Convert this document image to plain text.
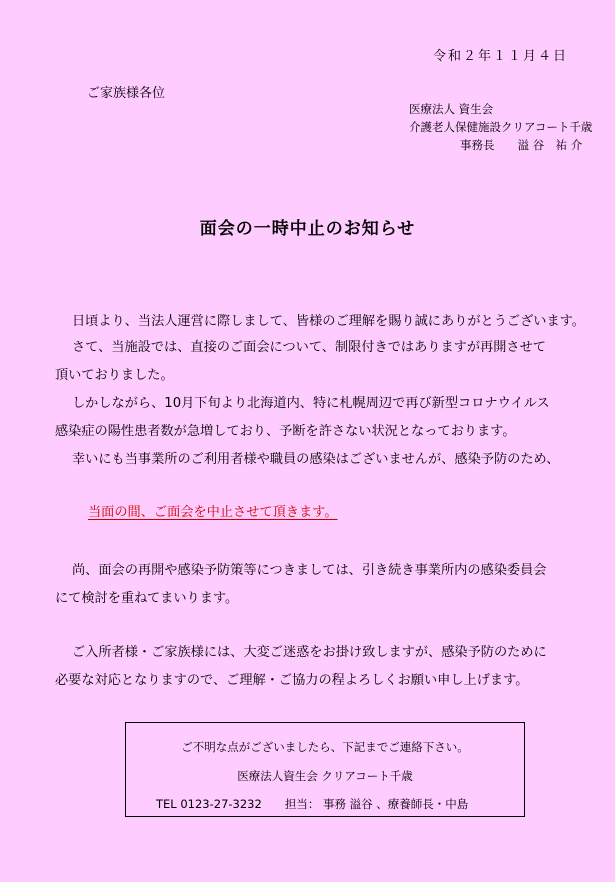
令和２年１１月４日
ご家族様各位
医療法人 資生会
介護老人保健施設クリアコート千歳
事務長　　溢 谷　祐 介
面会の一時中止のお知らせ
日頃より、当法人運営に際しまして、皆様のご理解を賜り誠にありがとうございます。
さて、当施設では、直接のご面会について、制限付きではありますが再開させて
頂いておりました。
しかしながら、10月下旬より北海道内、特に札幌周辺で再び新型コロナウイルス
感染症の陽性患者数が急増しており、予断を許さない状況となっております。
幸いにも当事業所のご利用者様や職員の感染はございませんが、感染予防のため、
当面の間、ご面会を中止させて頂きます。
尚、面会の再開や感染予防策等につきましては、引き続き事業所内の感染委員会
にて検討を重ねてまいります。
ご入所者様・ご家族様には、大変ご迷惑をお掛け致しますが、感染予防のために
必要な対応となりますので、ご理解・ご協力の程よろしくお願い申し上げます。
ご不明な点がございましたら、下記までご連絡下さい。
医療法人資生会 クリアコート千歳
TEL 0123-27-3232　　担当： 事務 溢谷 、療養師長・中島
